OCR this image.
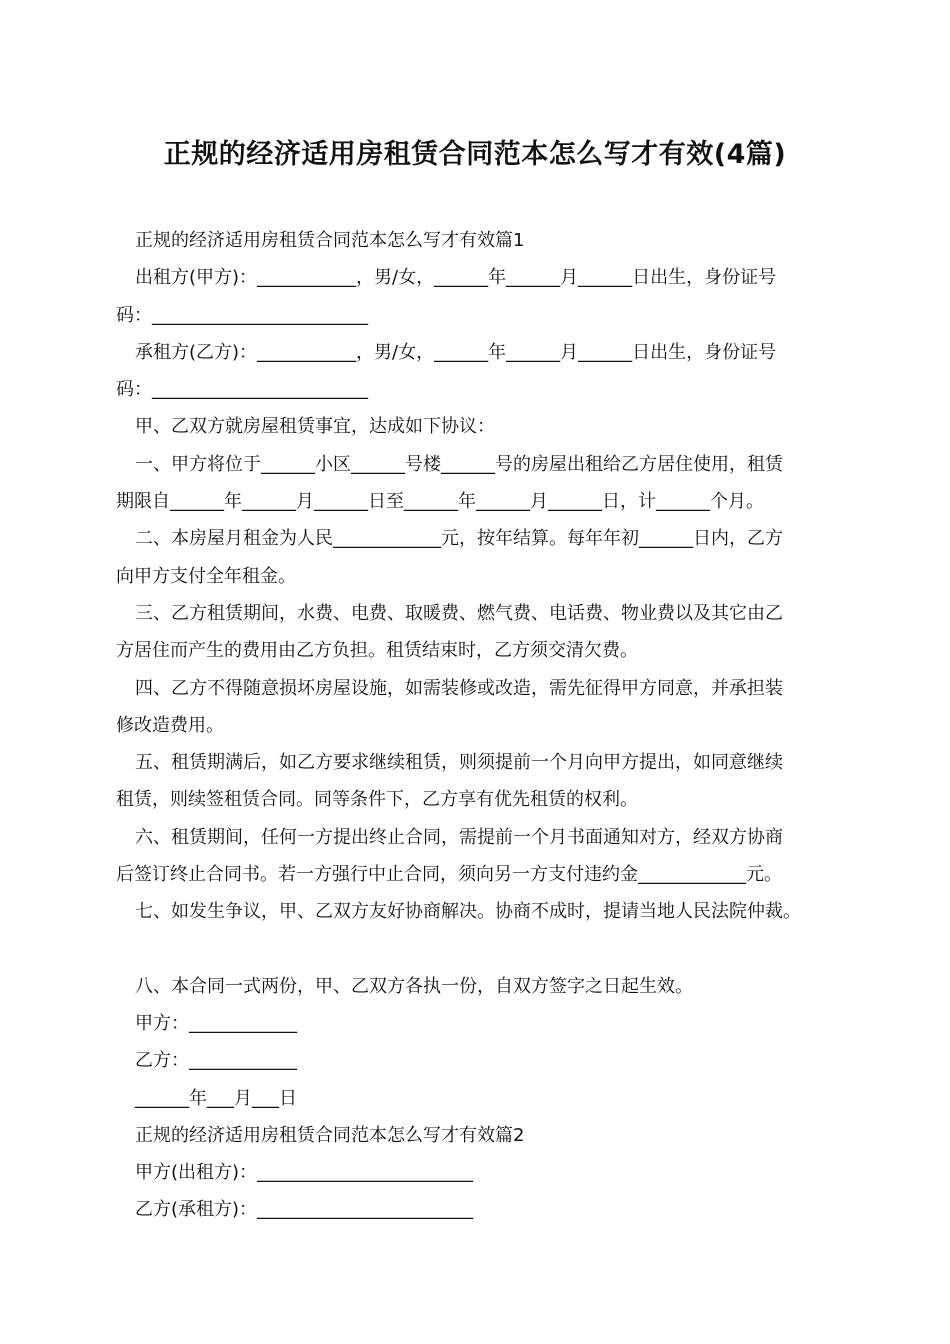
正规的经济适用房租赁合同范本怎么写才有效(4篇)

正规的经济适用房租赁合同范本怎么写才有效篇1

出租方(甲方)：___________，男/女，______年______月______日出生，身份证号

码：________________________

承租方(乙方)：___________，男/女，______年______月______日出生，身份证号

码：________________________

甲、乙双方就房屋租赁事宜，达成如下协议：

一、甲方将位于______小区______号楼______号的房屋出租给乙方居住使用，租赁

期限自______年______月______日至______年______月______日，计______个月。

二、本房屋月租金为人民____________元，按年结算。每年年初______日内，乙方

向甲方支付全年租金。

三、乙方租赁期间，水费、电费、取暖费、燃气费、电话费、物业费以及其它由乙

方居住而产生的费用由乙方负担。租赁结束时，乙方须交清欠费。

四、乙方不得随意损坏房屋设施，如需装修或改造，需先征得甲方同意，并承担装

修改造费用。

五、租赁期满后，如乙方要求继续租赁，则须提前一个月向甲方提出，如同意继续

租赁，则续签租赁合同。同等条件下，乙方享有优先租赁的权利。

六、租赁期间，任何一方提出终止合同，需提前一个月书面通知对方，经双方协商

后签订终止合同书。若一方强行中止合同，须向另一方支付违约金____________元。

七、如发生争议，甲、乙双方友好协商解决。协商不成时，提请当地人民法院仲裁。

八、本合同一式两份，甲、乙双方各执一份，自双方签字之日起生效。

甲方：____________

乙方：____________

______年___月___日

正规的经济适用房租赁合同范本怎么写才有效篇2

甲方(出租方)：________________________

乙方(承租方)：________________________
